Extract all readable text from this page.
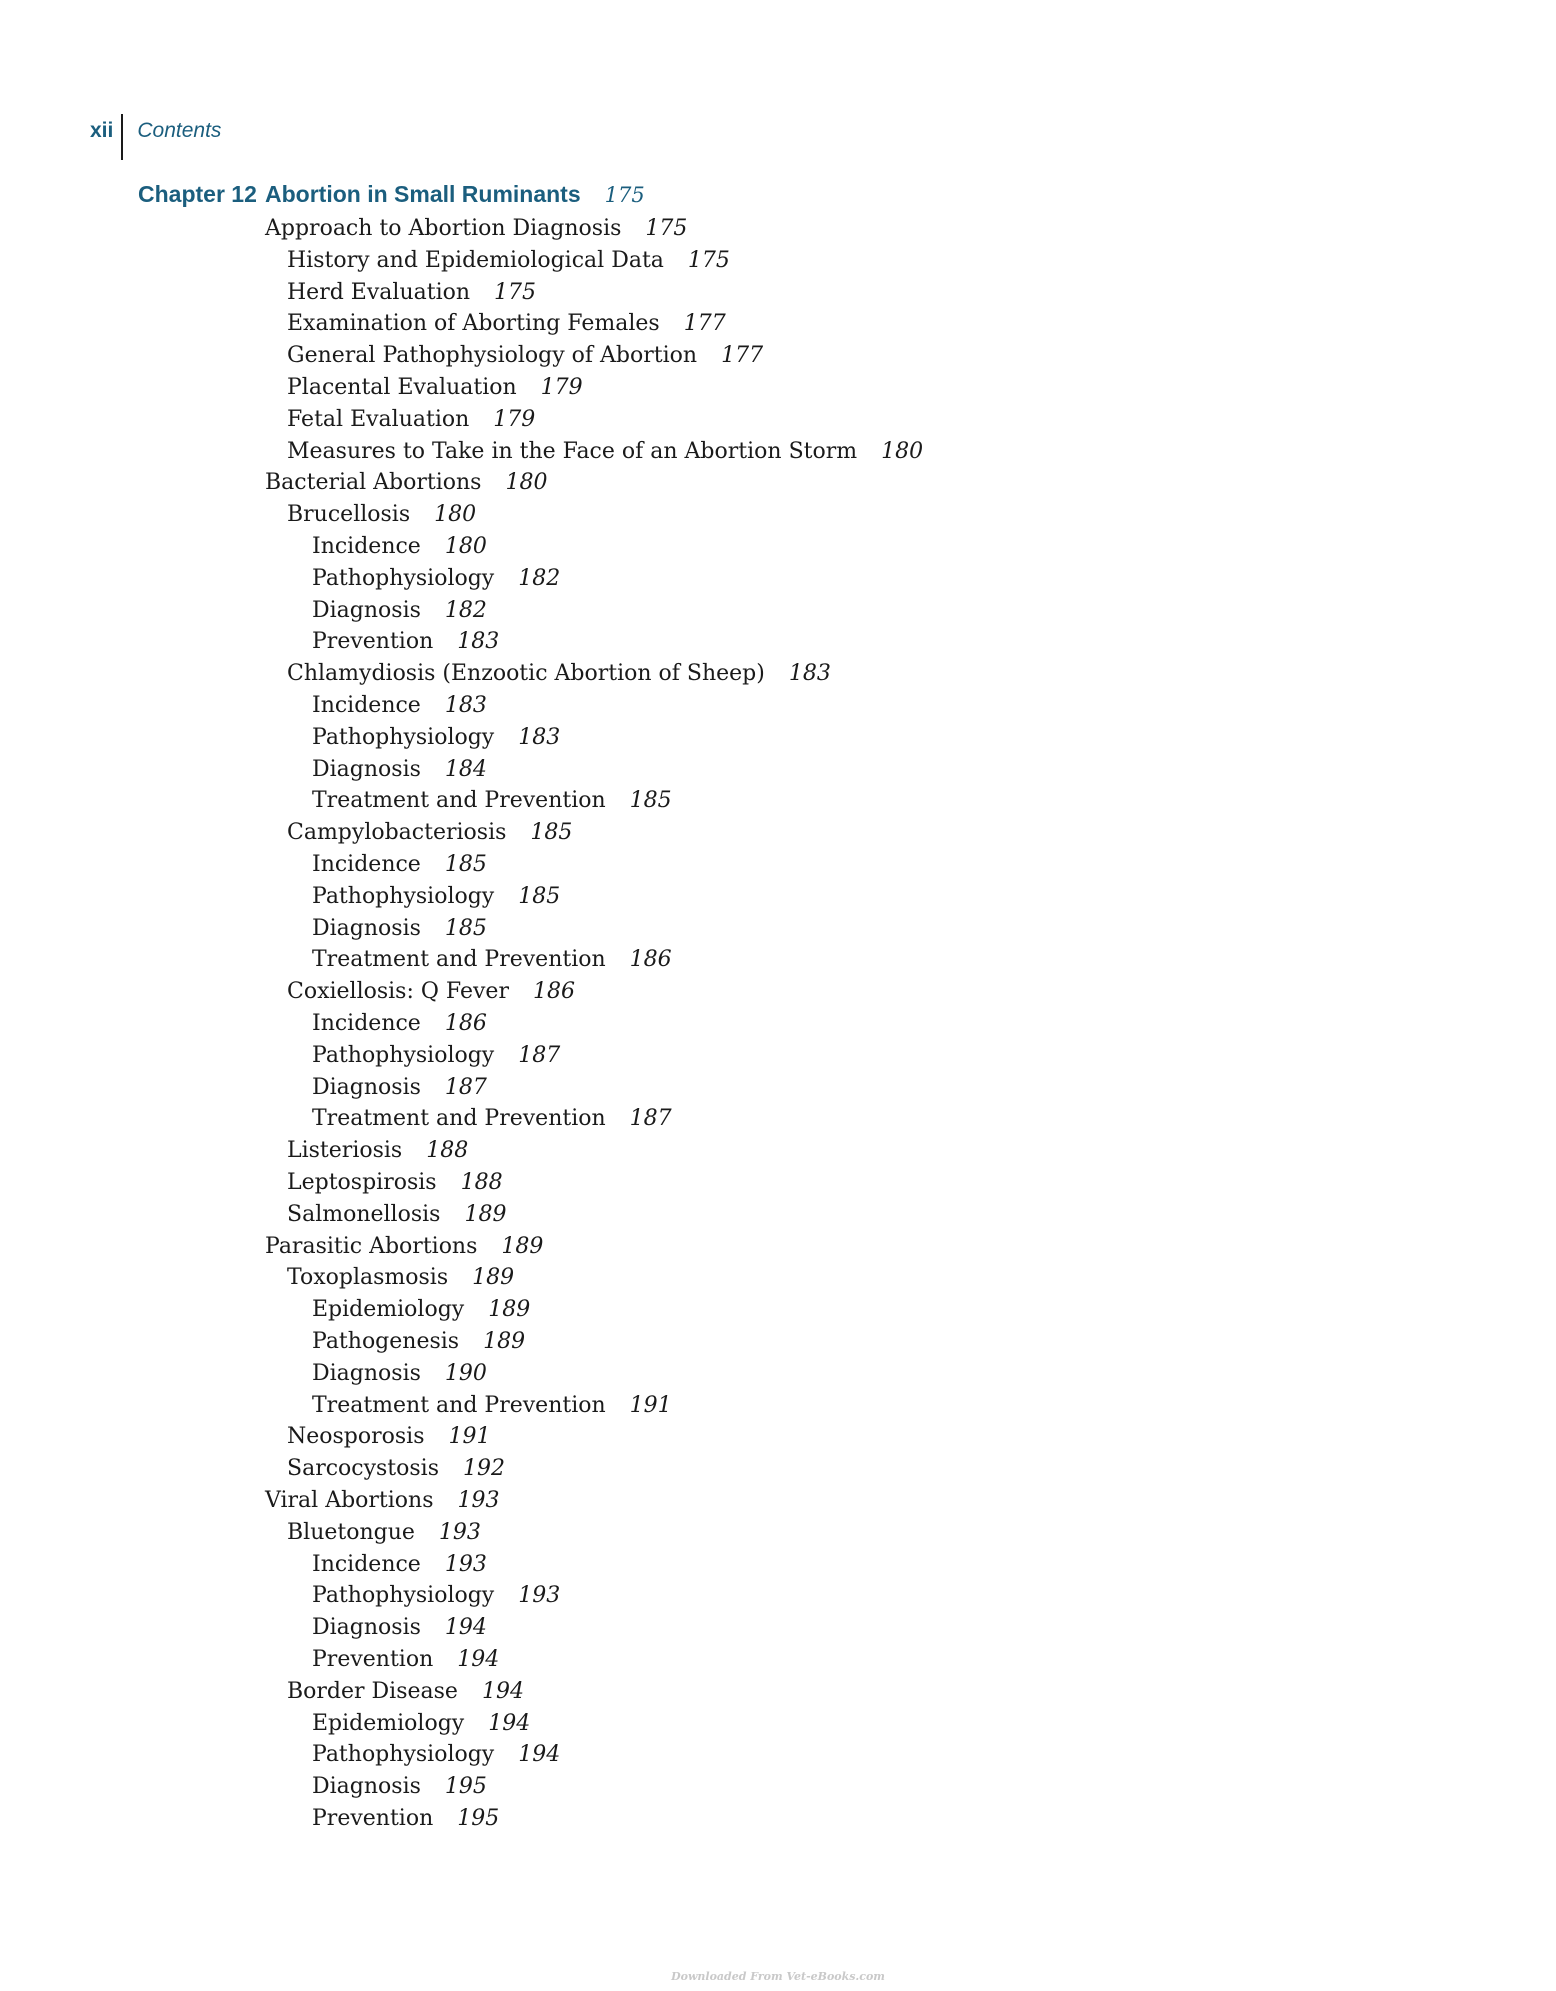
xii	Contents
Chapter 12 Abortion in Small Ruminants 175
Approach to Abortion Diagnosis 175
History and Epidemiological Data 175
Herd Evaluation 175
Examination of Aborting Females 177
General Pathophysiology of Abortion 177
Placental Evaluation 179
Fetal Evaluation 179
Measures to Take in the Face of an Abortion Storm 180
Bacterial Abortions 180
Brucellosis 180
Incidence 180
Pathophysiology 182
Diagnosis 182
Prevention 183
Chlamydiosis (Enzootic Abortion of Sheep) 183
Incidence 183
Pathophysiology 183
Diagnosis 184
Treatment and Prevention 185
Campylobacteriosis 185
Incidence 185
Pathophysiology 185
Diagnosis 185
Treatment and Prevention 186
Coxiellosis: Q Fever 186
Incidence 186
Pathophysiology 187
Diagnosis 187
Treatment and Prevention 187
Listeriosis 188
Leptospirosis 188
Salmonellosis 189
Parasitic Abortions 189
Toxoplasmosis 189
Epidemiology 189
Pathogenesis 189
Diagnosis 190
Treatment and Prevention 191
Neosporosis 191
Sarcocystosis 192
Viral Abortions 193
Bluetongue 193
Incidence 193
Pathophysiology 193
Diagnosis 194
Prevention 194
Border Disease 194
Epidemiology 194
Pathophysiology 194
Diagnosis 195
Prevention 195
Downloaded From Vet-eBooks.com
